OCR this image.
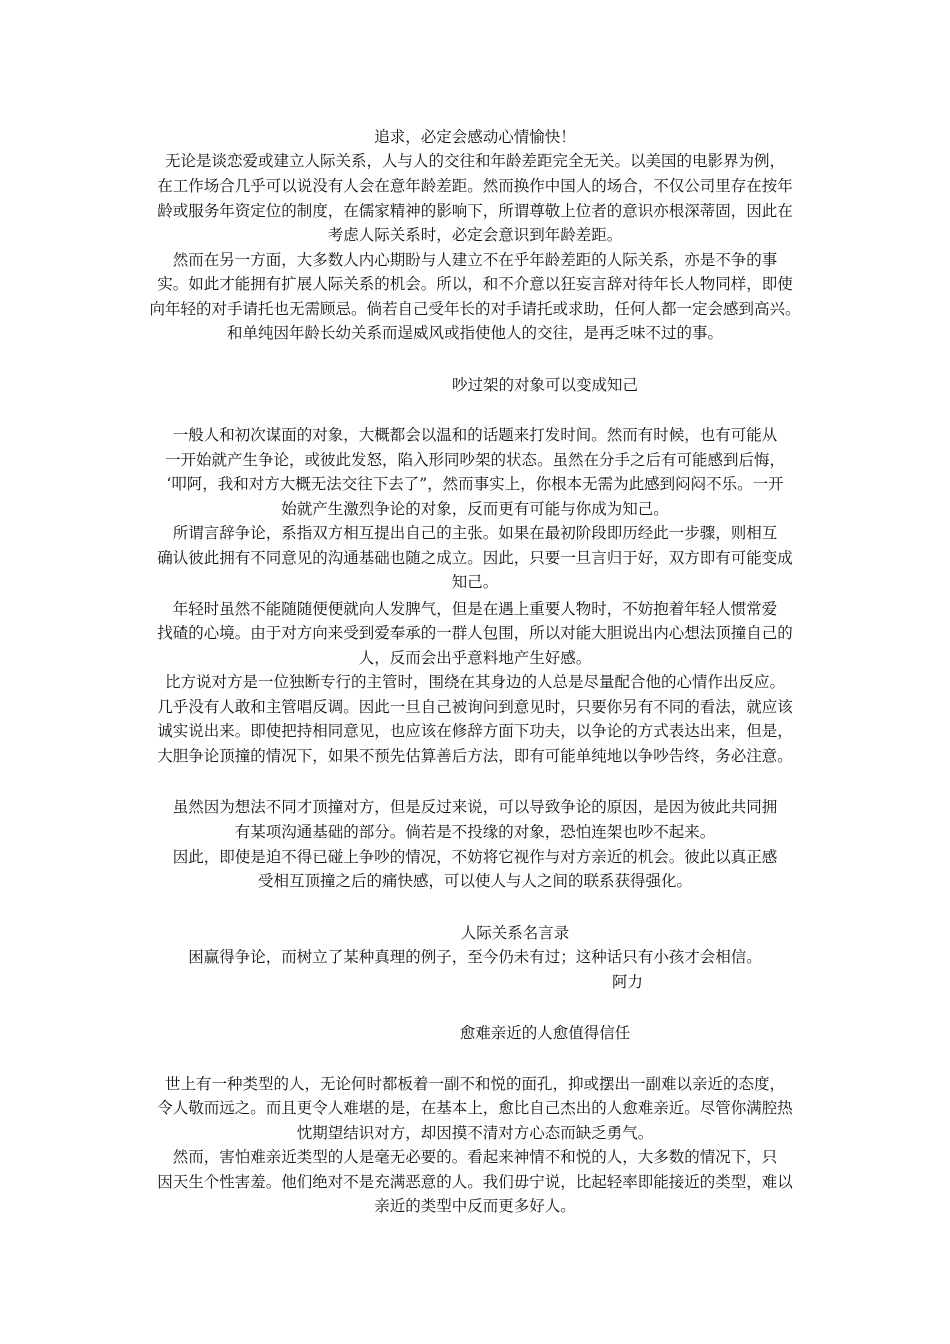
追求，必定会感动心情愉快！
无论是谈恋爱或建立人际关系，人与人的交往和年龄差距完全无关。以美国的电影界为例，
在工作场合几乎可以说没有人会在意年龄差距。然而换作中国人的场合，不仅公司里存在按年
龄或服务年资定位的制度，在儒家精神的影响下，所谓尊敬上位者的意识亦根深蒂固，因此在
考虑人际关系时，必定会意识到年龄差距。
然而在另一方面，大多数人内心期盼与人建立不在乎年龄差距的人际关系，亦是不争的事
实。如此才能拥有扩展人际关系的机会。所以，和不介意以狂妄言辞对待年长人物同样，即使
向年轻的对手请托也无需顾忌。倘若自己受年长的对手请托或求助，任何人都一定会感到高兴。
和单纯因年龄长幼关系而逞威风或指使他人的交往，是再乏味不过的事。
吵过架的对象可以变成知己
一般人和初次谋面的对象，大概都会以温和的话题来打发时间。然而有时候，也有可能从
一开始就产生争论，或彼此发怒，陷入形同吵架的状态。虽然在分手之后有可能感到后悔，
‘叩阿，我和对方大概无法交往下去了”，然而事实上，你根本无需为此感到闷闷不乐。一开
始就产生激烈争论的对象，反而更有可能与你成为知己。
所谓言辞争论，系指双方相互提出自己的主张。如果在最初阶段即历经此一步骤，则相互
确认彼此拥有不同意见的沟通基础也随之成立。因此，只要一旦言归于好，双方即有可能变成
知己。
年轻时虽然不能随随便便就向人发脾气，但是在遇上重要人物时，不妨抱着年轻人惯常爱
找碴的心境。由于对方向来受到爱奉承的一群人包围，所以对能大胆说出内心想法顶撞自己的
人，反而会出乎意料地产生好感。
比方说对方是一位独断专行的主管时，围绕在其身边的人总是尽量配合他的心情作出反应。
几乎没有人敢和主管唱反调。因此一旦自己被询问到意见时，只要你另有不同的看法，就应该
诚实说出来。即使把持相同意见，也应该在修辞方面下功夫，以争论的方式表达出来，但是，
大胆争论顶撞的情况下，如果不预先估算善后方法，即有可能单纯地以争吵告终，务必注意。
虽然因为想法不同才顶撞对方，但是反过来说，可以导致争论的原因，是因为彼此共同拥
有某项沟通基础的部分。倘若是不投缘的对象，恐怕连架也吵不起来。
因此，即使是迫不得已碰上争吵的情况，不妨将它视作与对方亲近的机会。彼此以真正感
受相互顶撞之后的痛快感，可以使人与人之间的联系获得强化。
人际关系名言录
困赢得争论，而树立了某种真理的例子，至今仍未有过；这种话只有小孩才会相信。
阿力
愈难亲近的人愈值得信任
世上有一种类型的人，无论何时都板着一副不和悦的面孔，抑或摆出一副难以亲近的态度，
令人敬而远之。而且更令人难堪的是，在基本上，愈比自己杰出的人愈难亲近。尽管你满腔热
忱期望结识对方，却因摸不清对方心态而缺乏勇气。
然而，害怕难亲近类型的人是毫无必要的。看起来神情不和悦的人，大多数的情况下，只
因天生个性害羞。他们绝对不是充满恶意的人。我们毋宁说，比起轻率即能接近的类型，难以
亲近的类型中反而更多好人。
